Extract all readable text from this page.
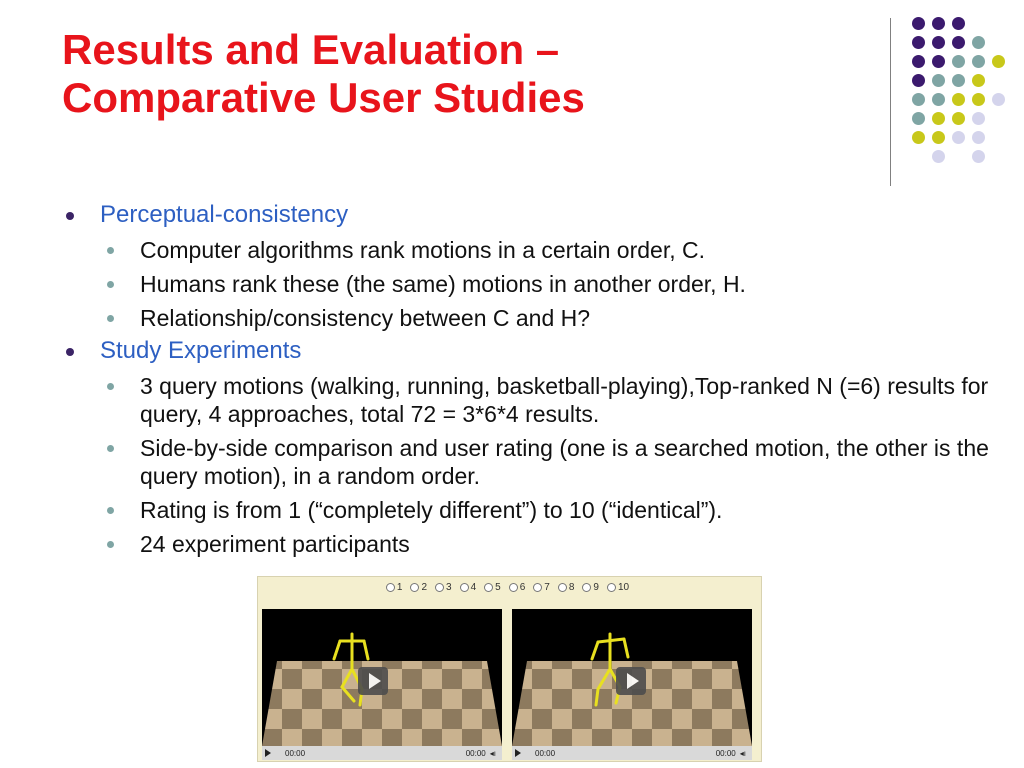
Results and Evaluation –
Comparative User Studies
Perceptual-consistency
Computer algorithms rank motions in a certain order, C.
Humans rank these (the same) motions in another order, H.
Relationship/consistency between C and H?
Study Experiments
3 query motions (walking, running, basketball-playing),Top-ranked N (=6) results for query, 4 approaches, total 72 = 3*6*4 results.
Side-by-side comparison and user rating (one is a searched motion, the other is the query motion), in a random order.
Rating is from 1 (“completely different”) to 10 (“identical”).
24 experiment participants
1 2 3 4 5 6 7 8 9 10
00:00	00:00 ◂ı	00:00	00:00 ◂ı
